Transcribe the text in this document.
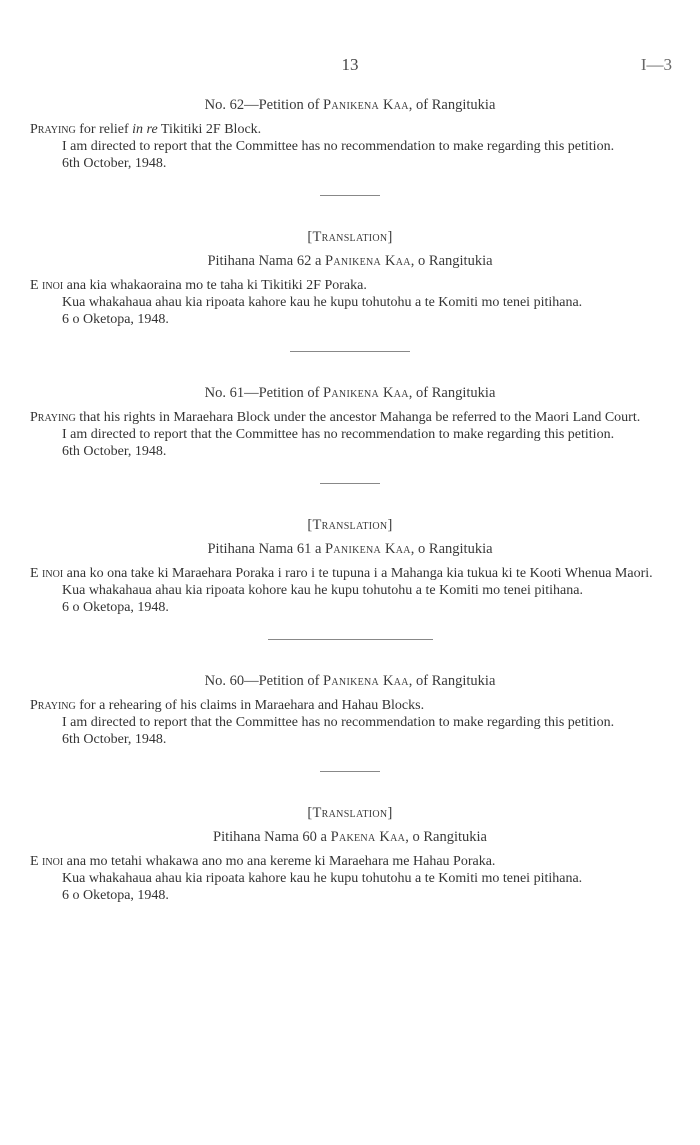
13	I—3

No. 62—Petition of Panikena Kaa, of Rangitukia

Praying for relief in re Tikitiki 2F Block.

I am directed to report that the Committee has no recommendation to make regarding this petition.

6th October, 1948.

[Translation]

Pitihana Nama 62 a Panikena Kaa, o Rangitukia

E inoi ana kia whakaoraina mo te taha ki Tikitiki 2F Poraka.

Kua whakahaua ahau kia ripoata kahore kau he kupu tohutohu a te Komiti mo tenei pitihana.

6 o Oketopa, 1948.

No. 61—Petition of Panikena Kaa, of Rangitukia

Praying that his rights in Maraehara Block under the ancestor Mahanga be referred to the Maori Land Court.

I am directed to report that the Committee has no recommendation to make regarding this petition.

6th October, 1948.

[Translation]

Pitihana Nama 61 a Panikena Kaa, o Rangitukia

E inoi ana ko ona take ki Maraehara Poraka i raro i te tupuna i a Mahanga kia tukua ki te Kooti Whenua Maori.

Kua whakahaua ahau kia ripoata kohore kau he kupu tohutohu a te Komiti mo tenei pitihana.

6 o Oketopa, 1948.

No. 60—Petition of Panikena Kaa, of Rangitukia

Praying for a rehearing of his claims in Maraehara and Hahau Blocks.

I am directed to report that the Committee has no recommendation to make regarding this petition.

6th October, 1948.

[Translation]

Pitihana Nama 60 a Pakena Kaa, o Rangitukia

E inoi ana mo tetahi whakawa ano mo ana kereme ki Maraehara me Hahau Poraka.

Kua whakahaua ahau kia ripoata kahore kau he kupu tohutohu a te Komiti mo tenei pitihana.

6 o Oketopa, 1948.
